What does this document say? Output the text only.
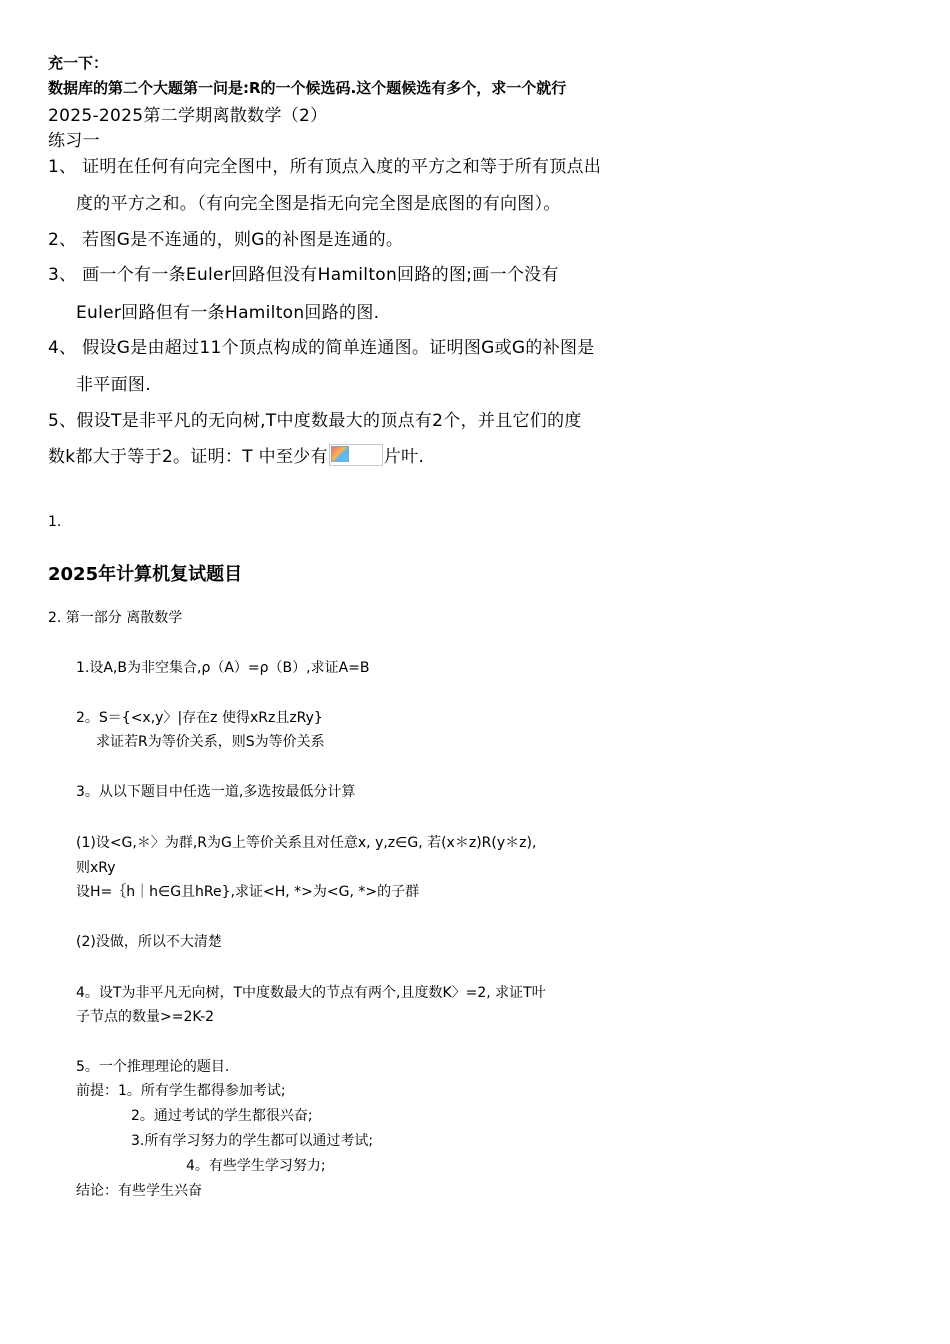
充一下：
数据库的第二个大题第一问是:R的一个候选码.这个题候选有多个，求一个就行
2025-2025第二学期离散数学（2）
练习一
1、 证明在任何有向完全图中，所有顶点入度的平方之和等于所有顶点出
度的平方之和。（有向完全图是指无向完全图是底图的有向图）。
2、 若图G是不连通的，则G的补图是连通的。
3、 画一个有一条Euler回路但没有Hamilton回路的图;画一个没有
Euler回路但有一条Hamilton回路的图.
4、 假设G是由超过11个顶点构成的简单连通图。证明图G或G的补图是
非平面图.
5、假设T是非平凡的无向树,T中度数最大的顶点有2个，并且它们的度
数k都大于等于2。证明：T 中至少有	片叶.
1.
2025年计算机复试题目
2. 第一部分 离散数学
1.设A,B为非空集合,ρ（A）=ρ（B）,求证A=B
2。S＝{<x,y〉|存在z 使得xRz且zRy}
求证若R为等价关系，则S为等价关系
3。从以下题目中任选一道,多选按最低分计算
(1)设<G,＊〉为群,R为G上等价关系且对任意x, y,z∈G, 若(x＊z)R(y＊z),
则xRy
设H=｛h｜h∈G且hRe},求证<H, *>为<G, *>的子群
(2)没做，所以不大清楚
4。设T为非平凡无向树，T中度数最大的节点有两个,且度数K〉=2, 求证T叶
子节点的数量>=2K-2
5。一个推理理论的题目.
前提：1。所有学生都得参加考试;
2。通过考试的学生都很兴奋;
3.所有学习努力的学生都可以通过考试;
4。有些学生学习努力;
结论：有些学生兴奋
